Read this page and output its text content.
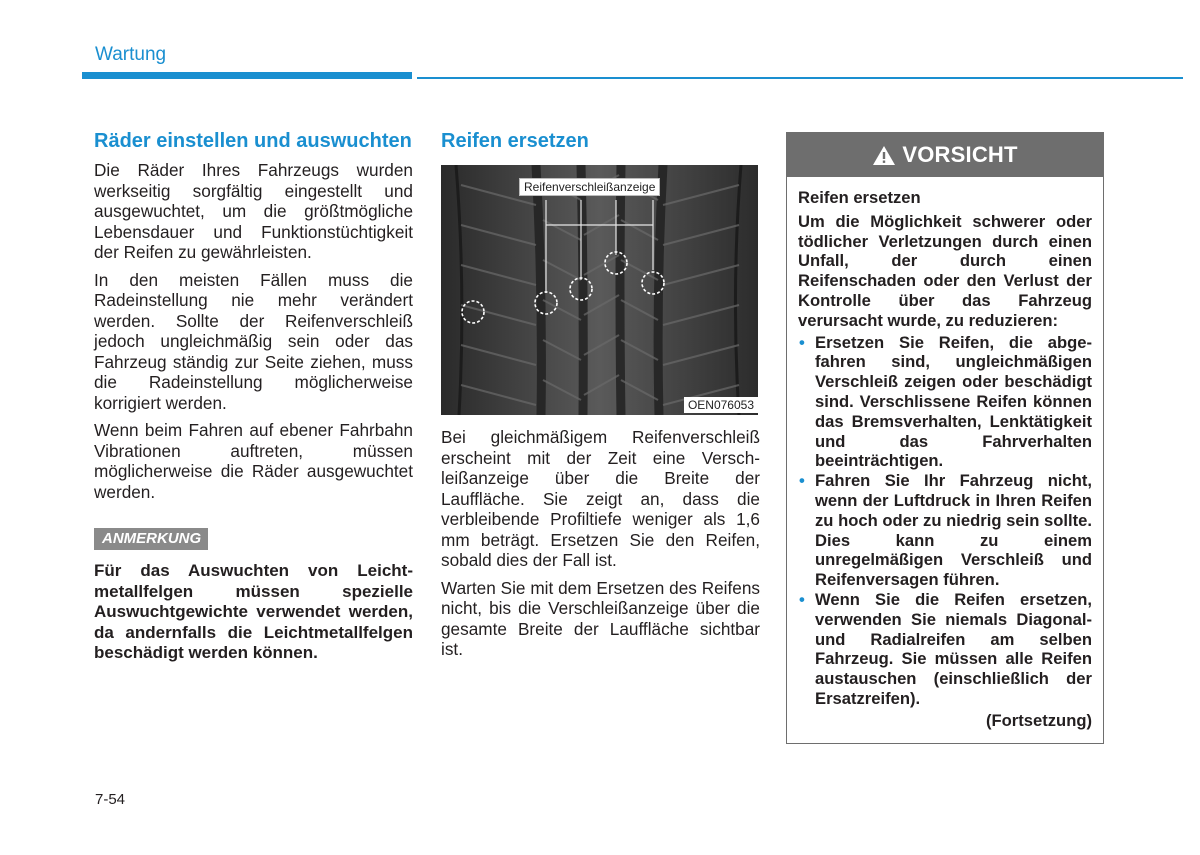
Wartung
Räder einstellen und auswuchten

Die Räder Ihres Fahrzeugs wurden werkseitig sorgfältig eingestellt und ausgewuchtet, um die größtmögliche Lebensdauer und Funktionstüchtigkeit der Reifen zu gewährleisten.

In den meisten Fällen muss die Radeinstellung nie mehr verändert werden. Sollte der Reifenverschleiß jedoch ungleichmäßig sein oder das Fahrzeug ständig zur Seite ziehen, muss die Radeinstellung möglicherweise korrigiert werden.

Wenn beim Fahren auf ebener Fahrbahn Vibrationen auftreten, müssen möglicherweise die Räder ausgewuchtet werden.

ANMERKUNG

Für das Auswuchten von Leichtmetallfelgen müssen spezielle Auswuchtgewichte verwendet werden, da andernfalls die Leichtmetallfelgen beschädigt werden können.

Reifen ersetzen
Reifenverschleißanzeige
OEN076053

Bei gleichmäßigem Reifenverschleiß erscheint mit der Zeit eine Verschleißanzeige über die Breite der Lauffläche. Sie zeigt an, dass die verbleibende Profiltiefe weniger als 1,6 mm beträgt. Ersetzen Sie den Reifen, sobald dies der Fall ist.

Warten Sie mit dem Ersetzen des Reifens nicht, bis die Verschleißanzeige über die gesamte Breite der Lauffläche sichtbar ist.

VORSICHT
Reifen ersetzen
Um die Möglichkeit schwerer oder tödlicher Verletzungen durch einen Unfall, der durch einen Reifenschaden oder den Verlust der Kontrolle über das Fahrzeug verursacht wurde, zu reduzieren:
• Ersetzen Sie Reifen, die abgefahren sind, ungleichmäßigen Verschleiß zeigen oder beschädigt sind. Verschlissene Reifen können das Bremsverhalten, Lenktätigkeit und das Fahrverhalten beeinträchtigen.
• Fahren Sie Ihr Fahrzeug nicht, wenn der Luftdruck in Ihren Reifen zu hoch oder zu niedrig sein sollte. Dies kann zu einem unregelmäßigen Verschleiß und Reifenversagen führen.
• Wenn Sie die Reifen ersetzen, verwenden Sie niemals Diagonal- und Radialreifen am selben Fahrzeug. Sie müssen alle Reifen austauschen (einschließlich der Ersatzreifen).
(Fortsetzung)
7-54
